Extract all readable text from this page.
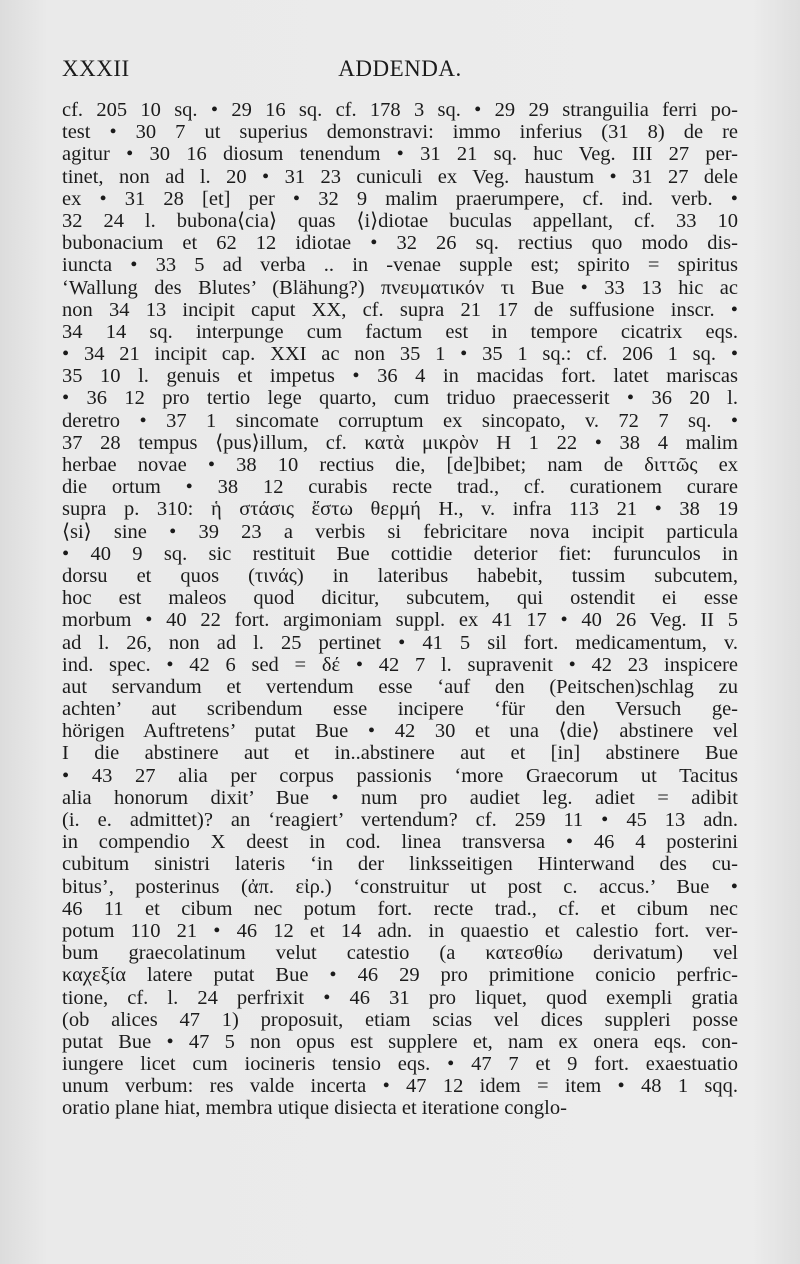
XXXII	ADDENDA.
cf. 205 10 sq. • 29 16 sq. cf. 178 3 sq. • 29 29 stranguilia ferri po-
test • 30 7 ut superius demonstravi: immo inferius (31 8) de re
agitur • 30 16 diosum tenendum • 31 21 sq. huc Veg. III 27 per-
tinet, non ad l. 20 • 31 23 cuniculi ex Veg. haustum • 31 27 dele
ex • 31 28 [et] per • 32 9 malim praerumpere, cf. ind. verb. •
32 24 l. bubona⟨cia⟩ quas ⟨i⟩diotae buculas appellant, cf. 33 10
bubonacium et 62 12 idiotae • 32 26 sq. rectius quo modo dis-
iuncta • 33 5 ad verba .. in -venae supple est; spirito = spiritus
‘Wallung des Blutes’ (Blähung?) πνευματικόν τι Bue • 33 13 hic ac
non 34 13 incipit caput XX, cf. supra 21 17 de suffusione inscr. •
34 14 sq. interpunge cum factum est in tempore cicatrix eqs.
• 34 21 incipit cap. XXI ac non 35 1 • 35 1 sq.: cf. 206 1 sq. •
35 10 l. genuis et impetus • 36 4 in macidas fort. latet mariscas
• 36 12 pro tertio lege quarto, cum triduo praecesserit • 36 20 l.
deretro • 37 1 sincomate corruptum ex sincopato, v. 72 7 sq. •
37 28 tempus ⟨pus⟩illum, cf. κατὰ μικρὸν H 1 22 • 38 4 malim
herbae novae • 38 10 rectius die, [de]bibet; nam de διττῶς ex
die ortum • 38 12 curabis recte trad., cf. curationem curare
supra p. 310: ἡ στάσις ἔστω θερμή H., v. infra 113 21 • 38 19
⟨si⟩ sine • 39 23 a verbis si febricitare nova incipit particula
• 40 9 sq. sic restituit Bue cottidie deterior fiet: furunculos in
dorsu et quos (τινάς) in lateribus habebit, tussim subcutem,
hoc est maleos quod dicitur, subcutem, qui ostendit ei esse
morbum • 40 22 fort. argimoniam suppl. ex 41 17 • 40 26 Veg. II 5
ad l. 26, non ad l. 25 pertinet • 41 5 sil fort. medicamentum, v.
ind. spec. • 42 6 sed = δέ • 42 7 l. supravenit • 42 23 inspicere
aut servandum et vertendum esse ‘auf den (Peitschen)schlag zu
achten’ aut scribendum esse incipere ‘für den Versuch ge-
hörigen Auftretens’ putat Bue • 42 30 et una ⟨die⟩ abstinere vel
I die abstinere aut et in..abstinere aut et [in] abstinere Bue
• 43 27 alia per corpus passionis ‘more Graecorum ut Tacitus
alia honorum dixit’ Bue • num pro audiet leg. adiet = adibit
(i. e. admittet)? an ‘reagiert’ vertendum? cf. 259 11 • 45 13 adn.
in compendio X deest in cod. linea transversa • 46 4 posterini
cubitum sinistri lateris ‘in der linksseitigen Hinterwand des cu-
bitus’, posterinus (ἀπ. εἰρ.) ‘construitur ut post c. accus.’ Bue •
46 11 et cibum nec potum fort. recte trad., cf. et cibum nec
potum 110 21 • 46 12 et 14 adn. in quaestio et calestio fort. ver-
bum graecolatinum velut catestio (a κατεσθίω derivatum) vel
καχεξία latere putat Bue • 46 29 pro primitione conicio perfric-
tione, cf. l. 24 perfrixit • 46 31 pro liquet, quod exempli gratia
(ob alices 47 1) proposuit, etiam scias vel dices suppleri posse
putat Bue • 47 5 non opus est supplere et, nam ex onera eqs. con-
iungere licet cum iocineris tensio eqs. • 47 7 et 9 fort. exaestuatio
unum verbum: res valde incerta • 47 12 idem = item • 48 1 sqq.
oratio plane hiat, membra utique disiecta et iteratione conglo-
